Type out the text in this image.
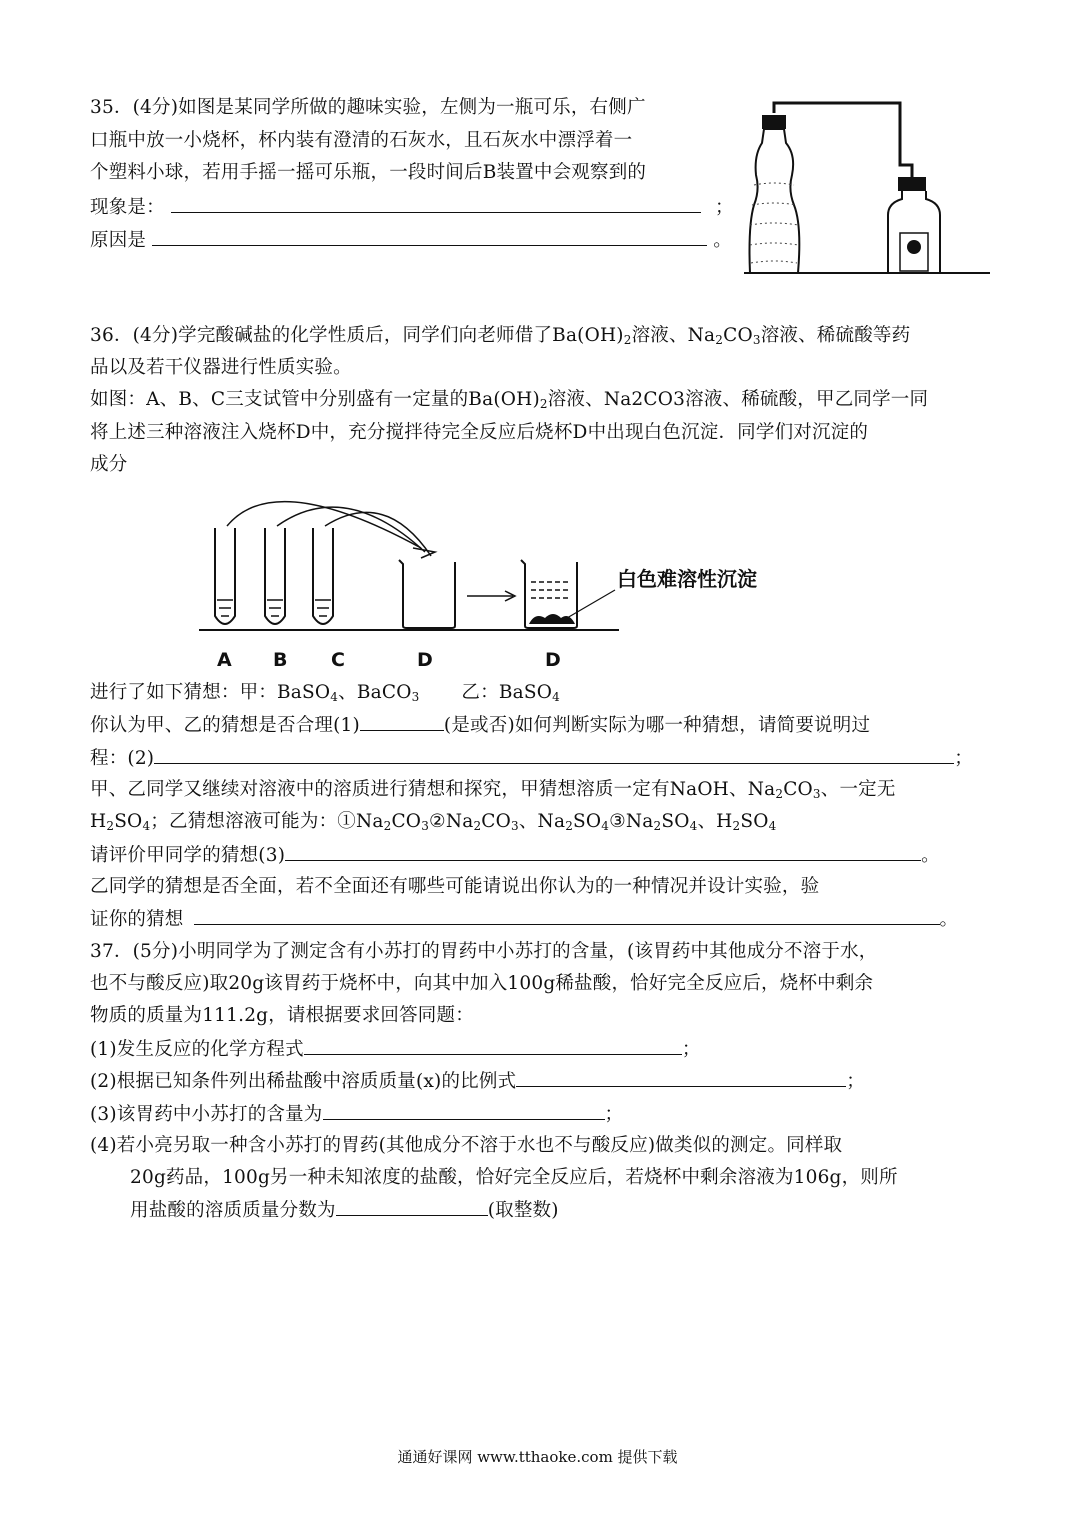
35．(4分)如图是某同学所做的趣味实验，左侧为一瓶可乐，右侧广
口瓶中放一小烧杯，杯内装有澄清的石灰水，且石灰水中漂浮着一
个塑料小球，若用手摇一摇可乐瓶，一段时间后B装置中会观察到的
现象是：	；
原因是	。
36．(4分)学完酸碱盐的化学性质后，同学们向老师借了$Ba(OH)_2$溶液、$Na_2CO_3$溶液、稀硫酸等药
品以及若干仪器进行性质实验。
如图：A、B、C三支试管中分别盛有一定量的$Ba(OH)_2$溶液、Na2CO3溶液、稀硫酸，甲乙同学一同
将上述三种溶液注入烧杯D中，充分搅拌待完全反应后烧杯D中出现白色沉淀．同学们对沉淀的
成分
白色难溶性沉淀
A B C	D	D
进行了如下猜想：甲：BaSO$_4$、BaCO$_3$ 乙：BaSO$_4$
你认为甲、乙的猜想是否合理(1)	(是或否)如何判断实际为哪一种猜想，请简要说明过
程：(2)	；
甲、乙同学又继续对溶液中的溶质进行猜想和探究，甲猜想溶质一定有NaOH、$Na_2CO_3$、一定无
$H_2SO_4$；乙猜想溶液可能为：$①Na_2CO_3②Na_2CO_3$、$Na_2SO_4③Na_2SO_4$、$H_2SO_4$
请评价甲同学的猜想(3)	。
乙同学的猜想是否全面，若不全面还有哪些可能请说出你认为的一种情况并设计实验，验
证你的猜想	。
37．(5分)小明同学为了测定含有小苏打的胃药中小苏打的含量，(该胃药中其他成分不溶于水，
也不与酸反应)取20g该胃药于烧杯中，向其中加入100g稀盐酸，恰好完全反应后，烧杯中剩余
物质的质量为111.2g，请根据要求回答同题：
(1)发生反应的化学方程式	；
(2)根据已知条件列出稀盐酸中溶质质量(x)的比例式	；
(3)该胃药中小苏打的含量为	；
(4)若小亮另取一种含小苏打的胃药(其他成分不溶于水也不与酸反应)做类似的测定。同样取
20g药品，100g另一种未知浓度的盐酸，恰好完全反应后，若烧杯中剩余溶液为106g，则所
用盐酸的溶质质量分数为	(取整数)
通通好课网 www.tthaoke.com 提供下载
